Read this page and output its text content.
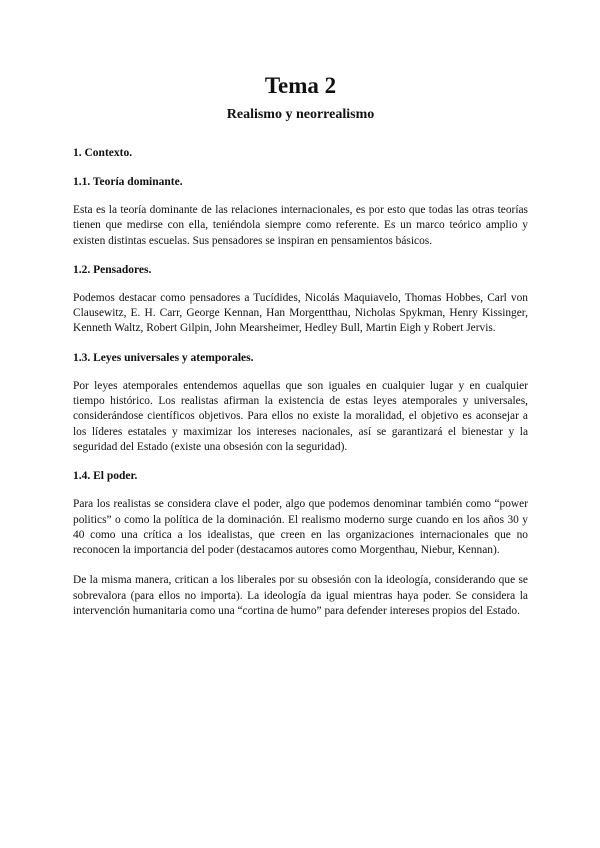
Tema 2
Realismo y neorrealismo
1. Contexto.
1.1. Teoría dominante.

Esta es la teoría dominante de las relaciones internacionales, es por esto que todas las otras teorías tienen que medirse con ella, teniéndola siempre como referente. Es un marco teórico amplio y existen distintas escuelas. Sus pensadores se inspiran en pensamientos básicos.

1.2. Pensadores.

Podemos destacar como pensadores a Tucídides, Nicolás Maquiavelo, Thomas Hobbes, Carl von Clausewitz, E. H. Carr, George Kennan, Han Morgentthau, Nicholas Spykman, Henry Kissinger, Kenneth Waltz, Robert Gilpin, John Mearsheimer, Hedley Bull, Martin Eigh y Robert Jervis.

1.3. Leyes universales y atemporales.

Por leyes atemporales entendemos aquellas que son iguales en cualquier lugar y en cualquier tiempo histórico. Los realistas afirman la existencia de estas leyes atemporales y universales, considerándose científicos objetivos. Para ellos no existe la moralidad, el objetivo es aconsejar a los líderes estatales y maximizar los intereses nacionales, así se garantizará el bienestar y la seguridad del Estado (existe una obsesión con la seguridad).

1.4. El poder.

Para los realistas se considera clave el poder, algo que podemos denominar también como “power politics” o como la política de la dominación. El realismo moderno surge cuando en los años 30 y 40 como una crítica a los idealistas, que creen en las organizaciones internacionales que no reconocen la importancia del poder (destacamos autores como Morgenthau, Niebur, Kennan).

De la misma manera, critican a los liberales por su obsesión con la ideología, considerando que se sobrevalora (para ellos no importa). La ideología da igual mientras haya poder. Se considera la intervención humanitaria como una “cortina de humo” para defender intereses propios del Estado.
